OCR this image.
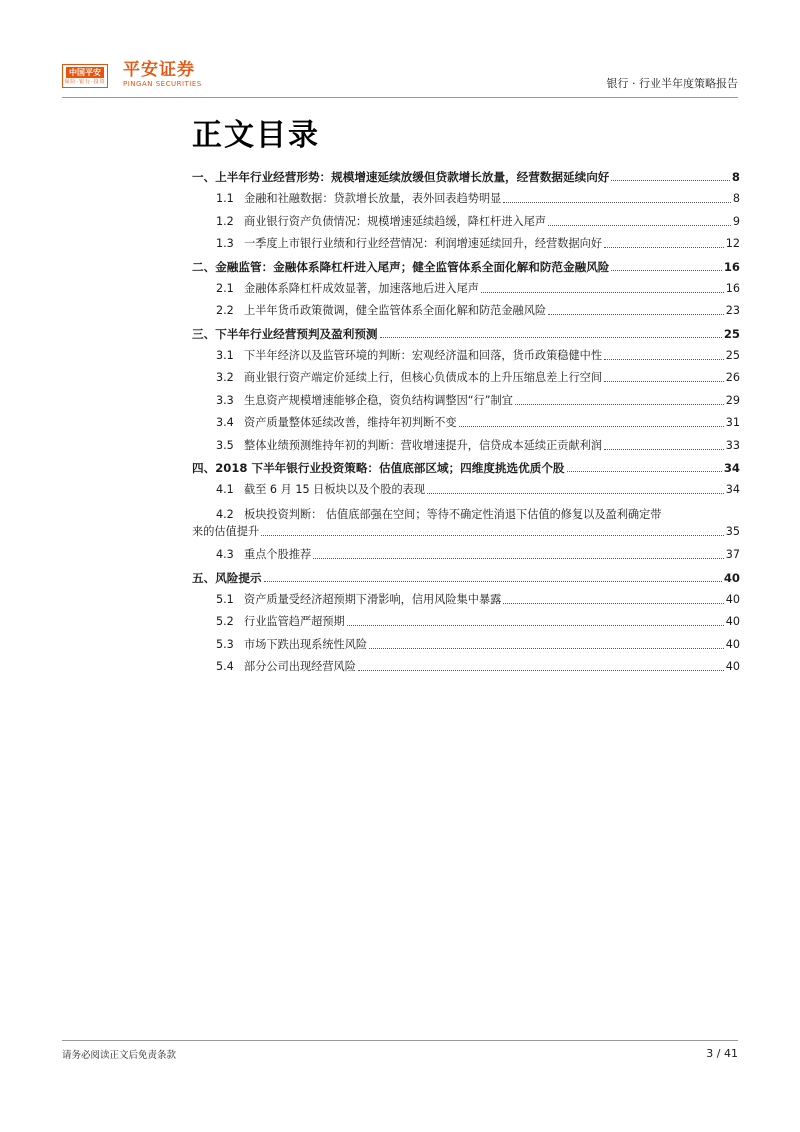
中国平安
保险·银行·投资
平安证券
PINGAN SECURITIES	银行 · 行业半年度策略报告
正文目录
一、上半年行业经营形势：规模增速延续放缓但贷款增长放量，经营数据延续向好	8
1.1 金融和社融数据：贷款增长放量，表外回表趋势明显	8
1.2 商业银行资产负债情况：规模增速延续趋缓，降杠杆进入尾声	9
1.3 一季度上市银行业绩和行业经营情况：利润增速延续回升，经营数据向好	12
二、金融监管：金融体系降杠杆进入尾声；健全监管体系全面化解和防范金融风险	16
2.1 金融体系降杠杆成效显著，加速落地后进入尾声	16
2.2 上半年货币政策微调，健全监管体系全面化解和防范金融风险	23
三、下半年行业经营预判及盈利预测	25
3.1 下半年经济以及监管环境的判断：宏观经济温和回落，货币政策稳健中性	25
3.2 商业银行资产端定价延续上行，但核心负债成本的上升压缩息差上行空间	26
3.3 生息资产规模增速能够企稳，资负结构调整因“行”制宜	29
3.4 资产质量整体延续改善，维持年初判断不变	31
3.5 整体业绩预测维持年初的判断：营收增速提升，信贷成本延续正贡献利润	33
四、2018 下半年银行业投资策略：估值底部区域；四维度挑选优质个股	34
4.1 截至 6 月 15 日板块以及个股的表现	34
4.2 板块投资判断： 估值底部强在空间；等待不确定性消退下估值的修复以及盈利确定带
来的估值提升	35
4.3 重点个股推荐	37
五、风险提示	40
5.1 资产质量受经济超预期下滑影响，信用风险集中暴露	40
5.2 行业监管趋严超预期	40
5.3 市场下跌出现系统性风险	40
5.4 部分公司出现经营风险	40
请务必阅读正文后免责条款	3 / 41
